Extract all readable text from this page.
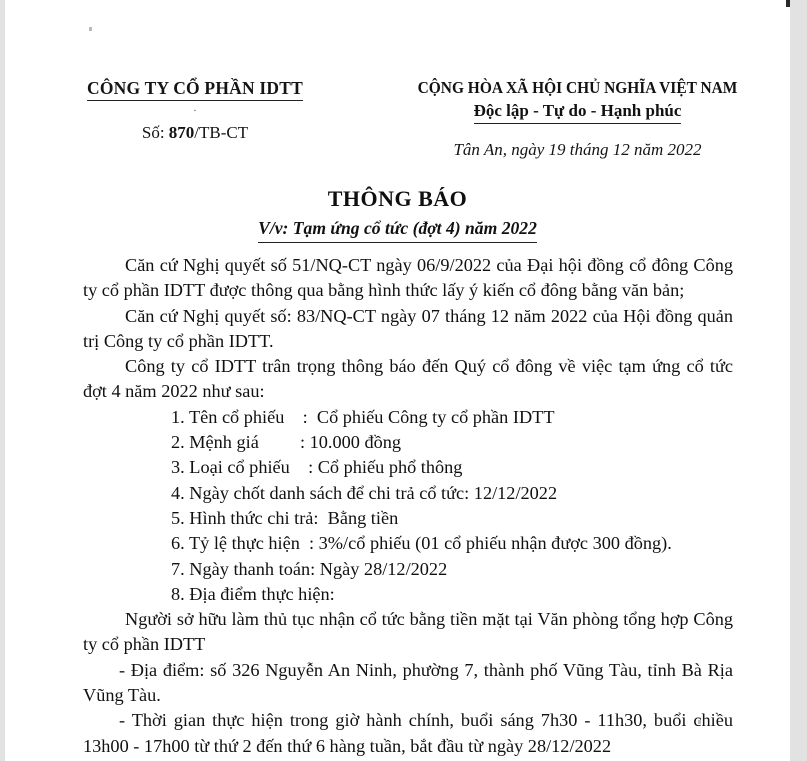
CÔNG TY CỔ PHẦN IDTT
.
Số: 870/TB-CT
CỘNG HÒA XÃ HỘI CHỦ NGHĨA VIỆT NAM
Độc lập - Tự do - Hạnh phúc
Tân An, ngày 19 tháng 12 năm 2022
THÔNG BÁO
V/v: Tạm ứng cổ tức (đợt 4) năm 2022

Căn cứ Nghị quyết số 51/NQ-CT ngày 06/9/2022 của Đại hội đồng cổ đông Công ty cổ phần IDTT được thông qua bằng hình thức lấy ý kiến cổ đông bằng văn bản;

Căn cứ Nghị quyết số: 83/NQ-CT ngày 07 tháng 12 năm 2022 của Hội đồng quản trị Công ty cổ phần IDTT.

Công ty cổ IDTT trân trọng thông báo đến Quý cổ đông về việc tạm ứng cổ tức đợt 4 năm 2022 như sau:

1. Tên cổ phiếu    :  Cổ phiếu Công ty cổ phần IDTT
2. Mệnh giá         : 10.000 đồng
3. Loại cổ phiếu    : Cổ phiếu phổ thông
4. Ngày chốt danh sách để chi trả cổ tức: 12/12/2022
5. Hình thức chi trả:  Bằng tiền
6. Tỷ lệ thực hiện  : 3%/cổ phiếu (01 cổ phiếu nhận được 300 đồng).
7. Ngày thanh toán: Ngày 28/12/2022
8. Địa điểm thực hiện:

Người sở hữu làm thủ tục nhận cổ tức bằng tiền mặt tại Văn phòng tổng hợp Công ty cổ phần IDTT

- Địa điểm: số 326 Nguyễn An Ninh, phường 7, thành phố Vũng Tàu, tỉnh Bà Rịa Vũng Tàu.

- Thời gian thực hiện trong giờ hành chính, buổi sáng 7h30 - 11h30, buổi chiều 13h00 - 17h00 từ thứ 2 đến thứ 6 hàng tuần, bắt đầu từ ngày 28/12/2022
